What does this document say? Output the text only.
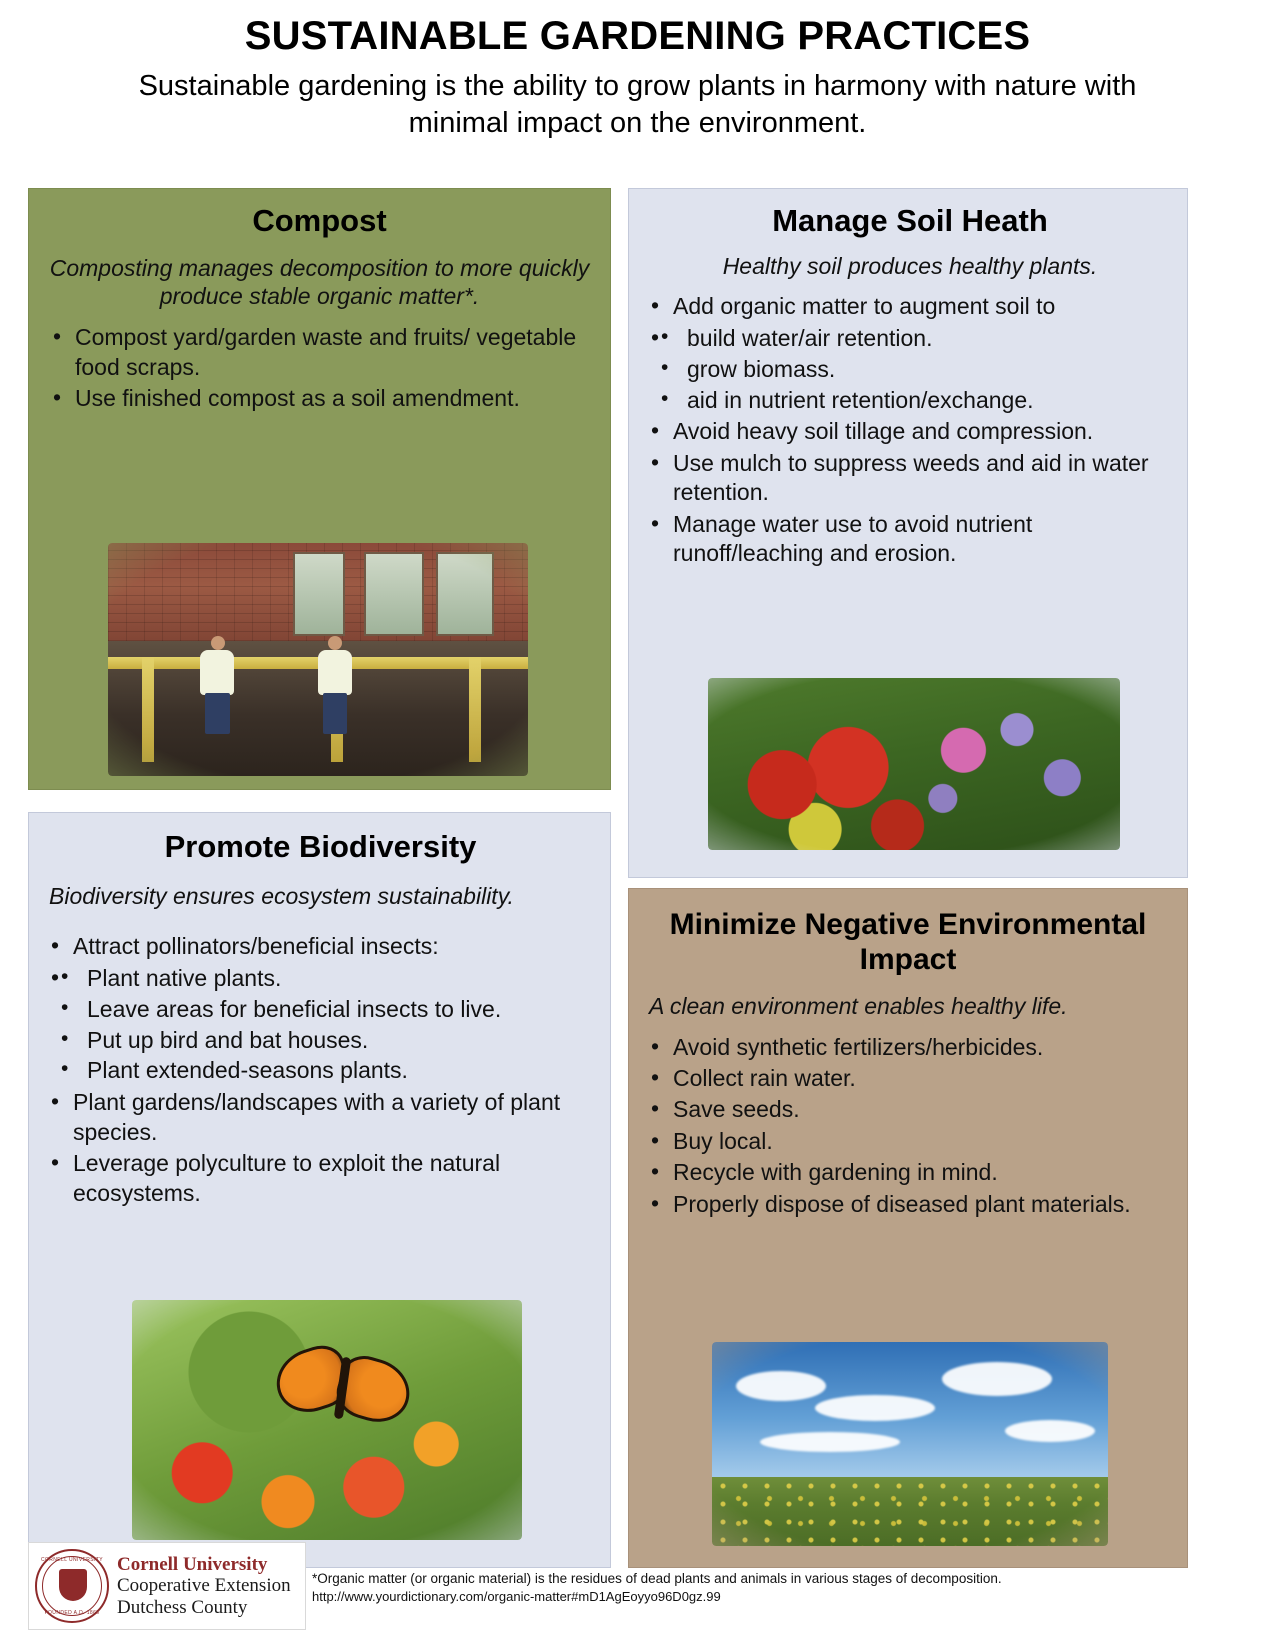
SUSTAINABLE GARDENING PRACTICES

Sustainable gardening is the ability to grow plants in harmony with nature with minimal impact on the environment.

Compost

Composting manages decomposition to more quickly produce stable organic matter*.

• Compost yard/garden waste and fruits/ vegetable food scraps.
• Use finished compost as a soil amendment.
Manage Soil Heath

Healthy soil produces healthy plants.

• Add organic matter to augment soil to
• • build water/air retention.
• grow biomass.
• aid in nutrient retention/exchange.
• Avoid heavy soil tillage and compression.
• Use mulch to suppress weeds and aid in water retention.
• Manage water use to avoid nutrient runoff/leaching and erosion.
Promote Biodiversity

Biodiversity ensures ecosystem sustainability.

• Attract pollinators/beneficial insects:
• • Plant native plants.
• Leave areas for beneficial insects to live.
• Put up bird and bat houses.
• Plant extended-seasons plants.
• Plant gardens/landscapes with a variety of plant species.
• Leverage polyculture to exploit the natural ecosystems.
Minimize Negative Environmental Impact

A clean environment enables healthy life.

• Avoid synthetic fertilizers/herbicides.
• Collect rain water.
• Save seeds.
• Buy local.
• Recycle with gardening in mind.
• Properly dispose of diseased plant materials.
CORNELL UNIVERSITY
FOUNDED A.D. 1865
Cornell University
Cooperative Extension
Dutchess County
*Organic matter (or organic material) is the residues of dead plants and animals in various stages of decomposition.
http://www.yourdictionary.com/organic-matter#mD1AgEoyyo96D0gz.99
